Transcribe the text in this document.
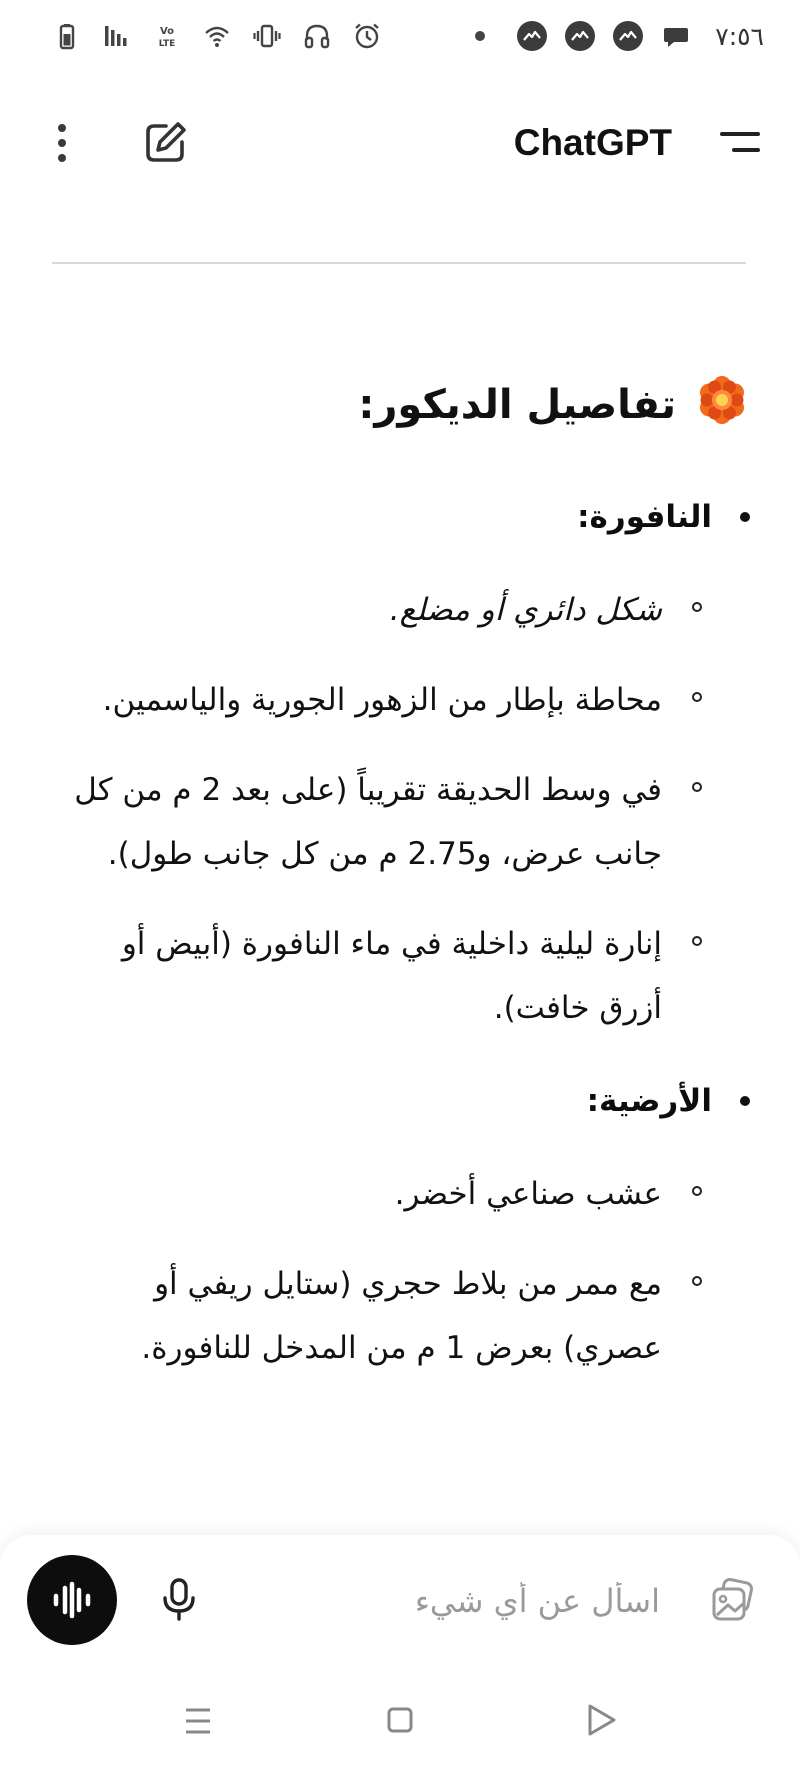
Vo
LTE	٧:٥٦
ChatGPT
تفاصيل الديكور:
النافورة:
شكل دائري أو مضلع.
محاطة بإطار من الزهور الجورية والياسمين.
في وسط الحديقة تقريباً (على بعد 2 م من كل جانب عرض، و2.75 م من كل جانب طول).
إنارة ليلية داخلية في ماء النافورة (أبيض أو أزرق خافت).
الأرضية:
عشب صناعي أخضر.
مع ممر من بلاط حجري (ستايل ريفي أو عصري) بعرض 1 م من المدخل للنافورة.
اسأل عن أي شيء
